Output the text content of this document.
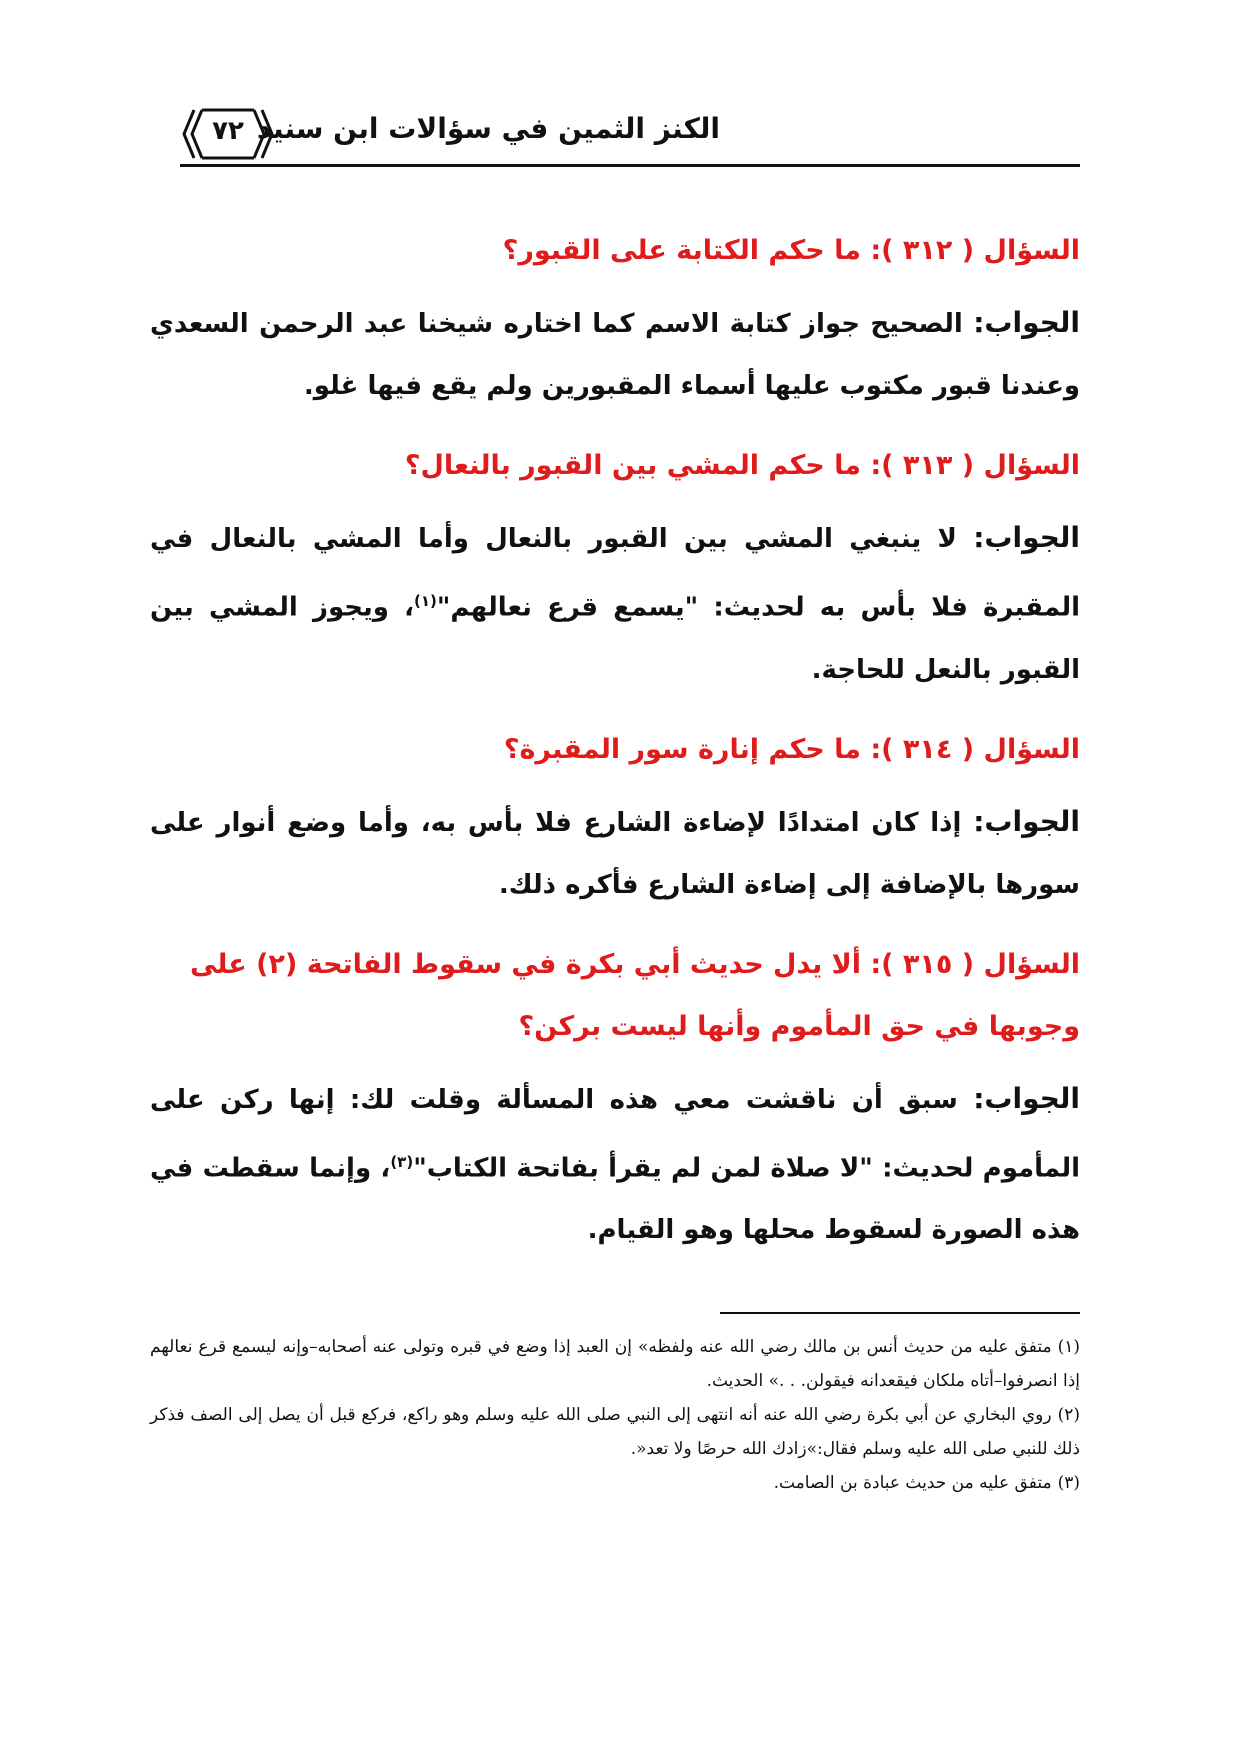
الكنز الثمين في سؤالات ابن سنيد
٧٢

السؤال ( ٣١٢ ): ما حكم الكتابة على القبور؟

الجواب: الصحيح جواز كتابة الاسم كما اختاره شيخنا عبد الرحمن السعدي وعندنا قبور مكتوب عليها أسماء المقبورين ولم يقع فيها غلو.

السؤال ( ٣١٣ ): ما حكم المشي بين القبور بالنعال؟

الجواب: لا ينبغي المشي بين القبور بالنعال وأما المشي بالنعال في المقبرة فلا بأس به لحديث: "يسمع قرع نعالهم"$^{(١)}$، ويجوز المشي بين القبور بالنعل للحاجة.

السؤال ( ٣١٤ ): ما حكم إنارة سور المقبرة؟

الجواب: إذا كان امتدادًا لإضاءة الشارع فلا بأس به، وأما وضع أنوار على سورها بالإضافة إلى إضاءة الشارع فأكره ذلك.

السؤال ( ٣١٥ ): ألا يدل حديث أبي بكرة في سقوط الفاتحة (٢) على وجوبها في حق المأموم وأنها ليست بركن؟

الجواب: سبق أن ناقشت معي هذه المسألة وقلت لك: إنها ركن على المأموم لحديث: "لا صلاة لمن لم يقرأ بفاتحة الكتاب"$^{(٣)}$، وإنما سقطت في هذه الصورة لسقوط محلها وهو القيام.

(١)متفق عليه من حديث أنس بن مالك رضي الله عنه ولفظه» إن العبد إذا وضع في قبره وتولى عنه أصحابه–وإنه ليسمع قرع نعالهم إذا انصرفوا–أتاه ملكان فيقعدانه فيقولن. . .» الحديث.

(٢)روي البخاري عن أبي بكرة رضي الله عنه أنه انتهى إلى النبي صلى الله عليه وسلم وهو راكع، فركع قبل أن يصل إلى الصف فذكر ذلك للنبي صلى الله عليه وسلم فقال:»زادك الله حرصًا ولا تعد«.

(٣)متفق عليه من حديث عبادة بن الصامت.
